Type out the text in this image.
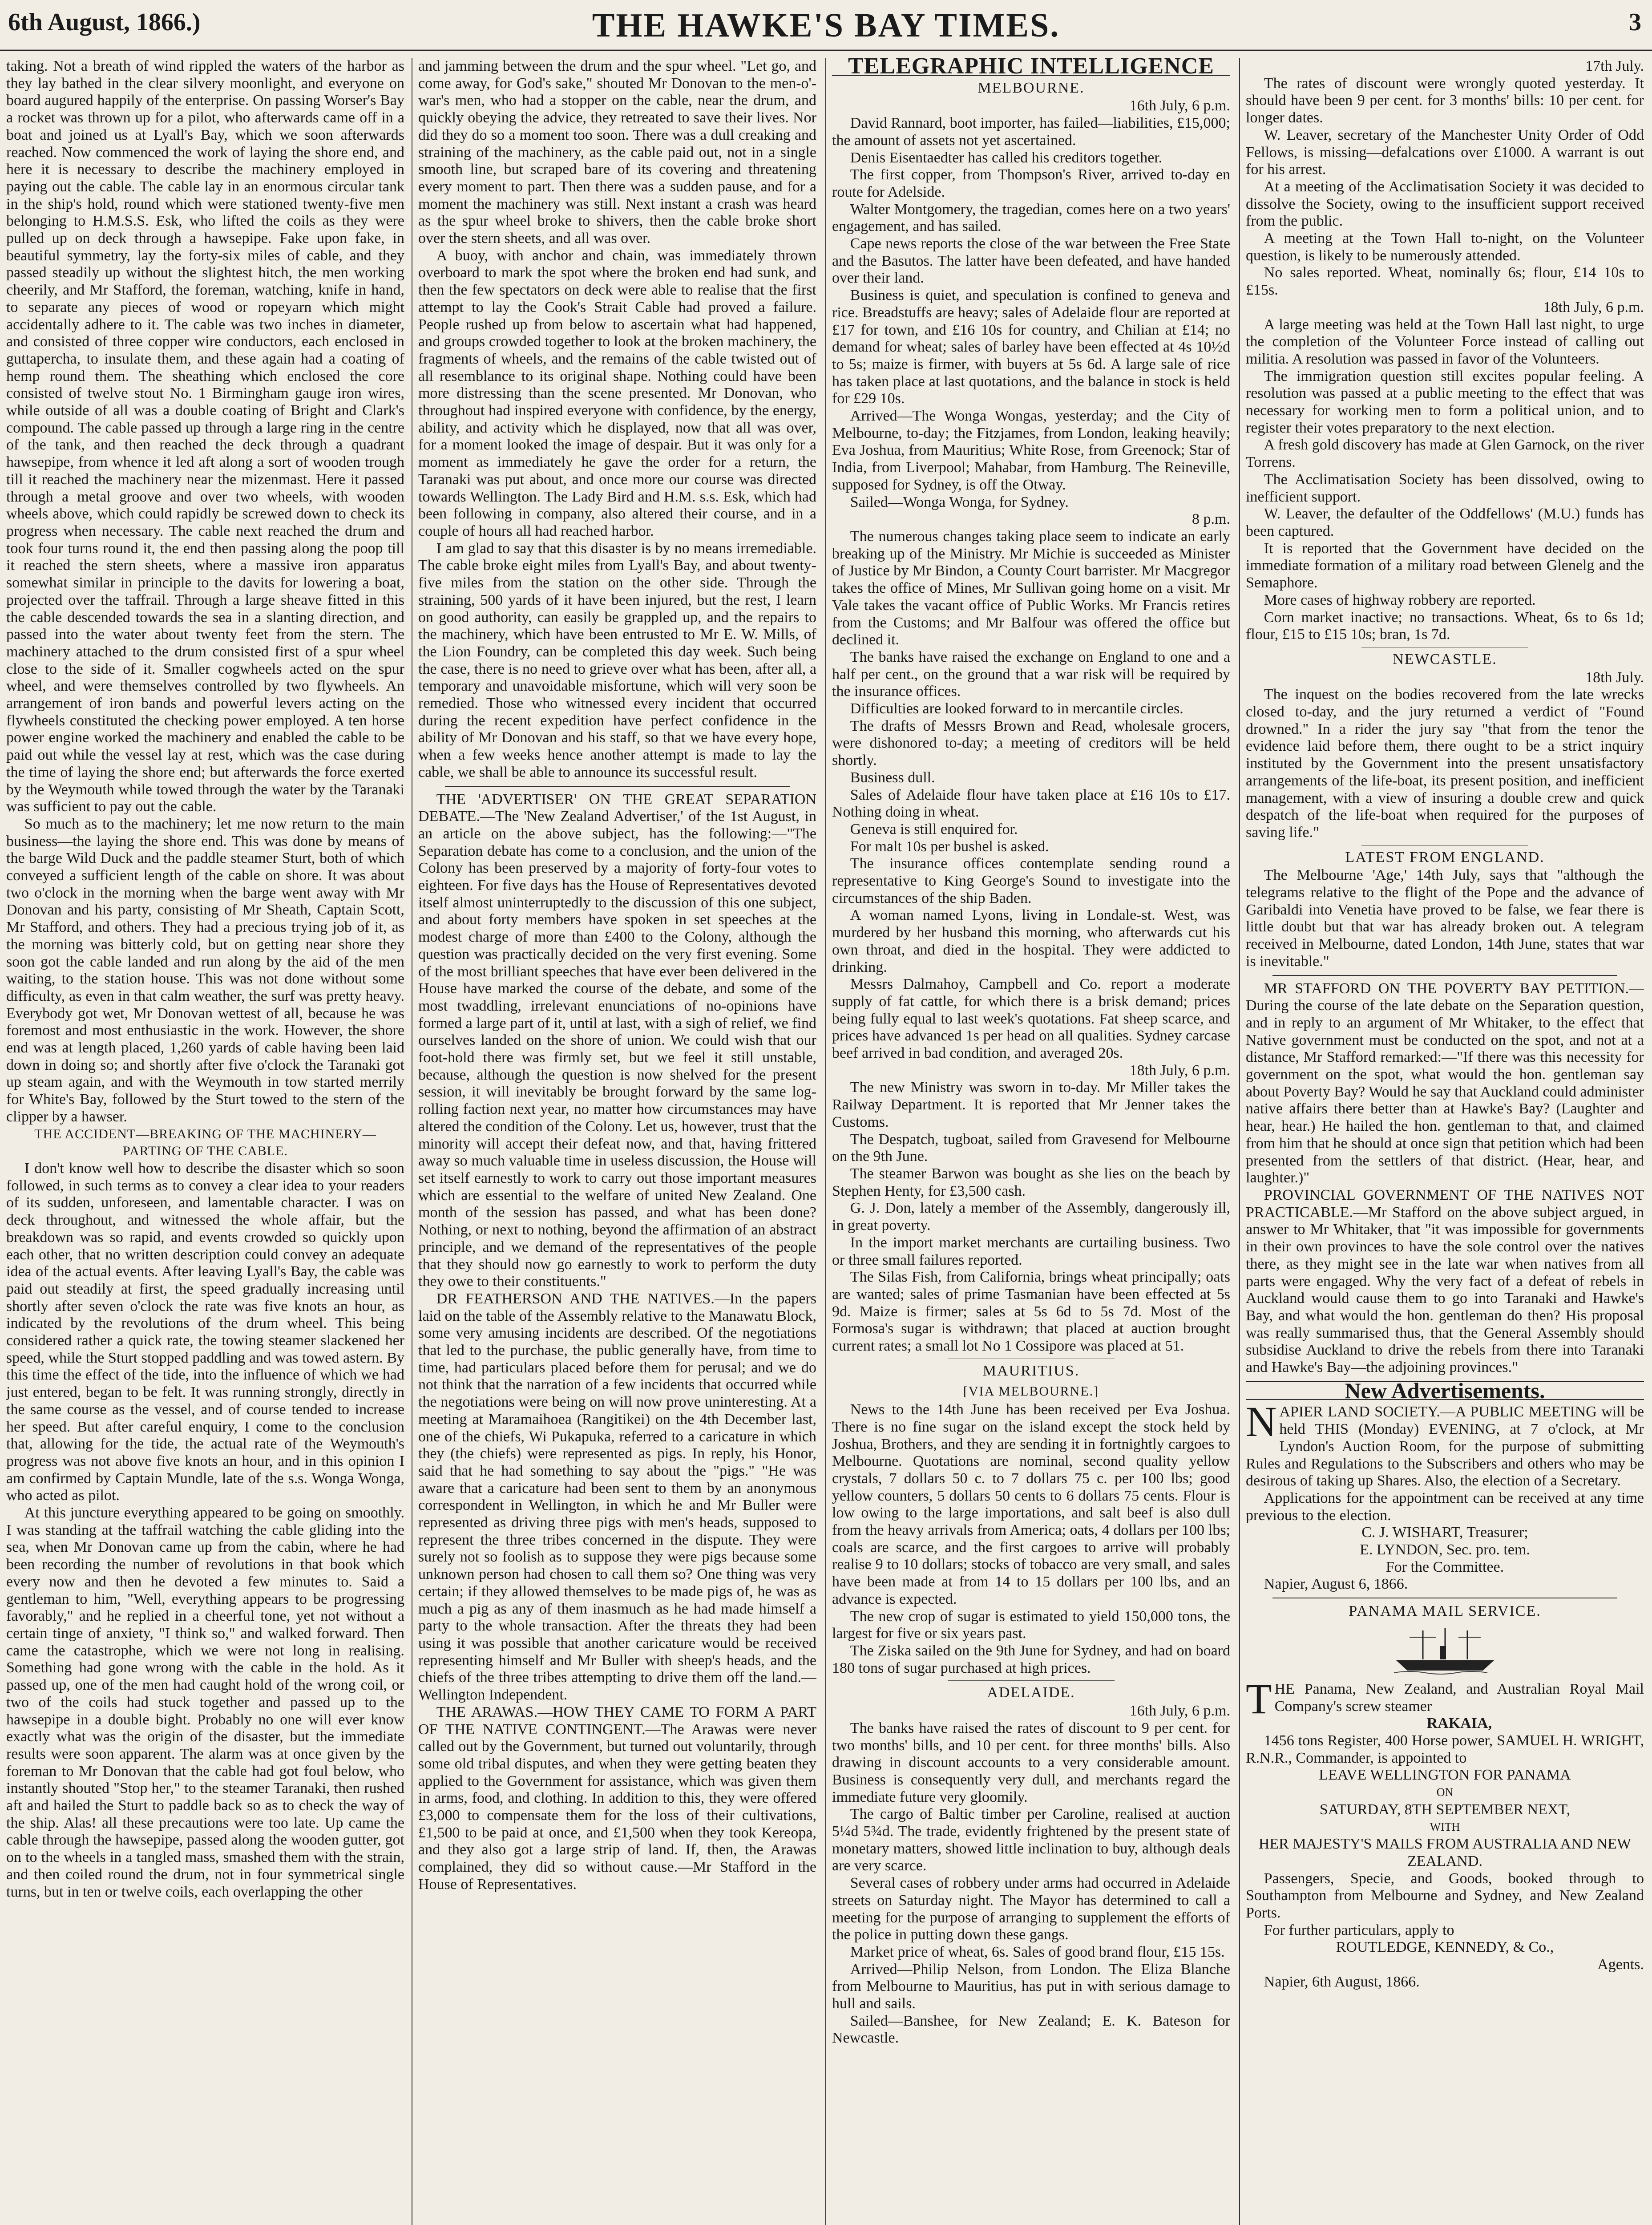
6th August, 1866.)	THE HAWKE'S BAY TIMES.	3

taking. Not a breath of wind rippled the waters of the harbor as they lay bathed in the clear silvery moonlight, and everyone on board augured happily of the enterprise. On passing Worser's Bay a rocket was thrown up for a pilot, who afterwards came off in a boat and joined us at Lyall's Bay, which we soon afterwards reached. Now commenced the work of laying the shore end, and here it is necessary to describe the machinery employed in paying out the cable. The cable lay in an enormous circular tank in the ship's hold, round which were stationed twenty-five men belonging to H.M.S.S. Esk, who lifted the coils as they were pulled up on deck through a hawsepipe. Fake upon fake, in beautiful symmetry, lay the forty-six miles of cable, and they passed steadily up without the slightest hitch, the men working cheerily, and Mr Stafford, the foreman, watching, knife in hand, to separate any pieces of wood or ropeyarn which might accidentally adhere to it. The cable was two inches in diameter, and consisted of three copper wire conductors, each enclosed in guttapercha, to insulate them, and these again had a coating of hemp round them. The sheathing which enclosed the core consisted of twelve stout No. 1 Birmingham gauge iron wires, while outside of all was a double coating of Bright and Clark's compound. The cable passed up through a large ring in the centre of the tank, and then reached the deck through a quadrant hawsepipe, from whence it led aft along a sort of wooden trough till it reached the machinery near the mizenmast. Here it passed through a metal groove and over two wheels, with wooden wheels above, which could rapidly be screwed down to check its progress when necessary. The cable next reached the drum and took four turns round it, the end then passing along the poop till it reached the stern sheets, where a massive iron apparatus somewhat similar in principle to the davits for lowering a boat, projected over the taffrail. Through a large sheave fitted in this the cable descended towards the sea in a slanting direction, and passed into the water about twenty feet from the stern. The machinery attached to the drum consisted first of a spur wheel close to the side of it. Smaller cogwheels acted on the spur wheel, and were themselves controlled by two flywheels. An arrangement of iron bands and powerful levers acting on the flywheels constituted the checking power employed. A ten horse power engine worked the machinery and enabled the cable to be paid out while the vessel lay at rest, which was the case during the time of laying the shore end; but afterwards the force exerted by the Weymouth while towed through the water by the Taranaki was sufficient to pay out the cable.

So much as to the machinery; let me now return to the main business—the laying the shore end. This was done by means of the barge Wild Duck and the paddle steamer Sturt, both of which conveyed a sufficient length of the cable on shore. It was about two o'clock in the morning when the barge went away with Mr Donovan and his party, consisting of Mr Sheath, Captain Scott, Mr Stafford, and others. They had a precious trying job of it, as the morning was bitterly cold, but on getting near shore they soon got the cable landed and run along by the aid of the men waiting, to the station house. This was not done without some difficulty, as even in that calm weather, the surf was pretty heavy. Everybody got wet, Mr Donovan wettest of all, because he was foremost and most enthusiastic in the work. However, the shore end was at length placed, 1,260 yards of cable having been laid down in doing so; and shortly after five o'clock the Taranaki got up steam again, and with the Weymouth in tow started merrily for White's Bay, followed by the Sturt towed to the stern of the clipper by a hawser.

THE ACCIDENT—BREAKING OF THE MACHINERY—PARTING OF THE CABLE.

I don't know well how to describe the disaster which so soon followed, in such terms as to convey a clear idea to your readers of its sudden, unforeseen, and lamentable character. I was on deck throughout, and witnessed the whole affair, but the breakdown was so rapid, and events crowded so quickly upon each other, that no written description could convey an adequate idea of the actual events. After leaving Lyall's Bay, the cable was paid out steadily at first, the speed gradually increasing until shortly after seven o'clock the rate was five knots an hour, as indicated by the revolutions of the drum wheel. This being considered rather a quick rate, the towing steamer slackened her speed, while the Sturt stopped paddling and was towed astern. By this time the effect of the tide, into the influence of which we had just entered, began to be felt. It was running strongly, directly in the same course as the vessel, and of course tended to increase her speed. But after careful enquiry, I come to the conclusion that, allowing for the tide, the actual rate of the Weymouth's progress was not above five knots an hour, and in this opinion I am confirmed by Captain Mundle, late of the s.s. Wonga Wonga, who acted as pilot.

At this juncture everything appeared to be going on smoothly. I was standing at the taffrail watching the cable gliding into the sea, when Mr Donovan came up from the cabin, where he had been recording the number of revolutions in that book which every now and then he devoted a few minutes to. Said a gentleman to him, "Well, everything appears to be progressing favorably," and he replied in a cheerful tone, yet not without a certain tinge of anxiety, "I think so," and walked forward. Then came the catastrophe, which we were not long in realising. Something had gone wrong with the cable in the hold. As it passed up, one of the men had caught hold of the wrong coil, or two of the coils had stuck together and passed up to the hawsepipe in a double bight. Probably no one will ever know exactly what was the origin of the disaster, but the immediate results were soon apparent. The alarm was at once given by the foreman to Mr Donovan that the cable had got foul below, who instantly shouted "Stop her," to the steamer Taranaki, then rushed aft and hailed the Sturt to paddle back so as to check the way of the ship. Alas! all these precautions were too late. Up came the cable through the hawsepipe, passed along the wooden gutter, got on to the wheels in a tangled mass, smashed them with the strain, and then coiled round the drum, not in four symmetrical single turns, but in ten or twelve coils, each overlapping the other

and jamming between the drum and the spur wheel. "Let go, and come away, for God's sake," shouted Mr Donovan to the men-o'-war's men, who had a stopper on the cable, near the drum, and quickly obeying the advice, they retreated to save their lives. Nor did they do so a moment too soon. There was a dull creaking and straining of the machinery, as the cable paid out, not in a single smooth line, but scraped bare of its covering and threatening every moment to part. Then there was a sudden pause, and for a moment the machinery was still. Next instant a crash was heard as the spur wheel broke to shivers, then the cable broke short over the stern sheets, and all was over.

A buoy, with anchor and chain, was immediately thrown overboard to mark the spot where the broken end had sunk, and then the few spectators on deck were able to realise that the first attempt to lay the Cook's Strait Cable had proved a failure. People rushed up from below to ascertain what had happened, and groups crowded together to look at the broken machinery, the fragments of wheels, and the remains of the cable twisted out of all resemblance to its original shape. Nothing could have been more distressing than the scene presented. Mr Donovan, who throughout had inspired everyone with confidence, by the energy, ability, and activity which he displayed, now that all was over, for a moment looked the image of despair. But it was only for a moment as immediately he gave the order for a return, the Taranaki was put about, and once more our course was directed towards Wellington. The Lady Bird and H.M. s.s. Esk, which had been following in company, also altered their course, and in a couple of hours all had reached harbor.

I am glad to say that this disaster is by no means irremediable. The cable broke eight miles from Lyall's Bay, and about twenty-five miles from the station on the other side. Through the straining, 500 yards of it have been injured, but the rest, I learn on good authority, can easily be grappled up, and the repairs to the machinery, which have been entrusted to Mr E. W. Mills, of the Lion Foundry, can be completed this day week. Such being the case, there is no need to grieve over what has been, after all, a temporary and unavoidable misfortune, which will very soon be remedied. Those who witnessed every incident that occurred during the recent expedition have perfect confidence in the ability of Mr Donovan and his staff, so that we have every hope, when a few weeks hence another attempt is made to lay the cable, we shall be able to announce its successful result.

THE 'ADVERTISER' ON THE GREAT SEPARATION DEBATE.—The 'New Zealand Advertiser,' of the 1st August, in an article on the above subject, has the following:—"The Separation debate has come to a conclusion, and the union of the Colony has been preserved by a majority of forty-four votes to eighteen. For five days has the House of Representatives devoted itself almost uninterruptedly to the discussion of this one subject, and about forty members have spoken in set speeches at the modest charge of more than £400 to the Colony, although the question was practically decided on the very first evening. Some of the most brilliant speeches that have ever been delivered in the House have marked the course of the debate, and some of the most twaddling, irrelevant enunciations of no-opinions have formed a large part of it, until at last, with a sigh of relief, we find ourselves landed on the shore of union. We could wish that our foot-hold there was firmly set, but we feel it still unstable, because, although the question is now shelved for the present session, it will inevitably be brought forward by the same log-rolling faction next year, no matter how circumstances may have altered the condition of the Colony. Let us, however, trust that the minority will accept their defeat now, and that, having frittered away so much valuable time in useless discussion, the House will set itself earnestly to work to carry out those important measures which are essential to the welfare of united New Zealand. One month of the session has passed, and what has been done? Nothing, or next to nothing, beyond the affirmation of an abstract principle, and we demand of the representatives of the people that they should now go earnestly to work to perform the duty they owe to their constituents."

DR FEATHERSON AND THE NATIVES.—In the papers laid on the table of the Assembly relative to the Manawatu Block, some very amusing incidents are described. Of the negotiations that led to the purchase, the public generally have, from time to time, had particulars placed before them for perusal; and we do not think that the narration of a few incidents that occurred while the negotiations were being on will now prove uninteresting. At a meeting at Maramaihoea (Rangitikei) on the 4th December last, one of the chiefs, Wi Pukapuka, referred to a caricature in which they (the chiefs) were represented as pigs. In reply, his Honor, said that he had something to say about the "pigs." "He was aware that a caricature had been sent to them by an anonymous correspondent in Wellington, in which he and Mr Buller were represented as driving three pigs with men's heads, supposed to represent the three tribes concerned in the dispute. They were surely not so foolish as to suppose they were pigs because some unknown person had chosen to call them so? One thing was very certain; if they allowed themselves to be made pigs of, he was as much a pig as any of them inasmuch as he had made himself a party to the whole transaction. After the threats they had been using it was possible that another caricature would be received representing himself and Mr Buller with sheep's heads, and the chiefs of the three tribes attempting to drive them off the land.—Wellington Independent.

THE ARAWAS.—HOW THEY CAME TO FORM A PART OF THE NATIVE CONTINGENT.—The Arawas were never called out by the Government, but turned out voluntarily, through some old tribal disputes, and when they were getting beaten they applied to the Government for assistance, which was given them in arms, food, and clothing. In addition to this, they were offered £3,000 to compensate them for the loss of their cultivations, £1,500 to be paid at once, and £1,500 when they took Kereopa, and they also got a large strip of land. If, then, the Arawas complained, they did so without cause.—Mr Stafford in the House of Representatives.

TELEGRAPHIC INTELLIGENCE
MELBOURNE.

16th July, 6 p.m.

David Rannard, boot importer, has failed—liabilities, £15,000; the amount of assets not yet ascertained.

Denis Eisentaedter has called his creditors together.

The first copper, from Thompson's River, arrived to-day en route for Adelside.

Walter Montgomery, the tragedian, comes here on a two years' engagement, and has sailed.

Cape news reports the close of the war between the Free State and the Basutos. The latter have been defeated, and have handed over their land.

Business is quiet, and speculation is confined to geneva and rice. Breadstuffs are heavy; sales of Adelaide flour are reported at £17 for town, and £16 10s for country, and Chilian at £14; no demand for wheat; sales of barley have been effected at 4s 10½d to 5s; maize is firmer, with buyers at 5s 6d. A large sale of rice has taken place at last quotations, and the balance in stock is held for £29 10s.

Arrived—The Wonga Wongas, yesterday; and the City of Melbourne, to-day; the Fitzjames, from London, leaking heavily; Eva Joshua, from Mauritius; White Rose, from Greenock; Star of India, from Liverpool; Mahabar, from Hamburg. The Reineville, supposed for Sydney, is off the Otway.

Sailed—Wonga Wonga, for Sydney.

8 p.m.

The numerous changes taking place seem to indicate an early breaking up of the Ministry. Mr Michie is succeeded as Minister of Justice by Mr Bindon, a County Court barrister. Mr Macgregor takes the office of Mines, Mr Sullivan going home on a visit. Mr Vale takes the vacant office of Public Works. Mr Francis retires from the Customs; and Mr Balfour was offered the office but declined it.

The banks have raised the exchange on England to one and a half per cent., on the ground that a war risk will be required by the insurance offices.

Difficulties are looked forward to in mercantile circles.

The drafts of Messrs Brown and Read, wholesale grocers, were dishonored to-day; a meeting of creditors will be held shortly.

Business dull.

Sales of Adelaide flour have taken place at £16 10s to £17. Nothing doing in wheat.

Geneva is still enquired for.

For malt 10s per bushel is asked.

The insurance offices contemplate sending round a representative to King George's Sound to investigate into the circumstances of the ship Baden.

A woman named Lyons, living in Londale-st. West, was murdered by her husband this morning, who afterwards cut his own throat, and died in the hospital. They were addicted to drinking.

Messrs Dalmahoy, Campbell and Co. report a moderate supply of fat cattle, for which there is a brisk demand; prices being fully equal to last week's quotations. Fat sheep scarce, and prices have advanced 1s per head on all qualities. Sydney carcase beef arrived in bad condition, and averaged 20s.

18th July, 6 p.m.

The new Ministry was sworn in to-day. Mr Miller takes the Railway Department. It is reported that Mr Jenner takes the Customs.

The Despatch, tugboat, sailed from Gravesend for Melbourne on the 9th June.

The steamer Barwon was bought as she lies on the beach by Stephen Henty, for £3,500 cash.

G. J. Don, lately a member of the Assembly, dangerously ill, in great poverty.

In the import market merchants are curtailing business. Two or three small failures reported.

The Silas Fish, from California, brings wheat principally; oats are wanted; sales of prime Tasmanian have been effected at 5s 9d. Maize is firmer; sales at 5s 6d to 5s 7d. Most of the Formosa's sugar is withdrawn; that placed at auction brought current rates; a small lot No 1 Cossipore was placed at 51.

MAURITIUS.
[VIA MELBOURNE.]

News to the 14th June has been received per Eva Joshua. There is no fine sugar on the island except the stock held by Joshua, Brothers, and they are sending it in fortnightly cargoes to Melbourne. Quotations are nominal, second quality yellow crystals, 7 dollars 50 c. to 7 dollars 75 c. per 100 lbs; good yellow counters, 5 dollars 50 cents to 6 dollars 75 cents. Flour is low owing to the large importations, and salt beef is also dull from the heavy arrivals from America; oats, 4 dollars per 100 lbs; coals are scarce, and the first cargoes to arrive will probably realise 9 to 10 dollars; stocks of tobacco are very small, and sales have been made at from 14 to 15 dollars per 100 lbs, and an advance is expected.

The new crop of sugar is estimated to yield 150,000 tons, the largest for five or six years past.

The Ziska sailed on the 9th June for Sydney, and had on board 180 tons of sugar purchased at high prices.

ADELAIDE.

16th July, 6 p.m.

The banks have raised the rates of discount to 9 per cent. for two months' bills, and 10 per cent. for three months' bills. Also drawing in discount accounts to a very considerable amount. Business is consequently very dull, and merchants regard the immediate future very gloomily.

The cargo of Baltic timber per Caroline, realised at auction 5¼d 5¾d. The trade, evidently frightened by the present state of monetary matters, showed little inclination to buy, although deals are very scarce.

Several cases of robbery under arms had occurred in Adelaide streets on Saturday night. The Mayor has determined to call a meeting for the purpose of arranging to supplement the efforts of the police in putting down these gangs.

Market price of wheat, 6s. Sales of good brand flour, £15 15s.

Arrived—Philip Nelson, from London. The Eliza Blanche from Melbourne to Mauritius, has put in with serious damage to hull and sails.

Sailed—Banshee, for New Zealand; E. K. Bateson for Newcastle.

17th July.

The rates of discount were wrongly quoted yesterday. It should have been 9 per cent. for 3 months' bills: 10 per cent. for longer dates.

W. Leaver, secretary of the Manchester Unity Order of Odd Fellows, is missing—defalcations over £1000. A warrant is out for his arrest.

At a meeting of the Acclimatisation Society it was decided to dissolve the Society, owing to the insufficient support received from the public.

A meeting at the Town Hall to-night, on the Volunteer question, is likely to be numerously attended.

No sales reported. Wheat, nominally 6s; flour, £14 10s to £15s.

18th July, 6 p.m.

A large meeting was held at the Town Hall last night, to urge the completion of the Volunteer Force instead of calling out militia. A resolution was passed in favor of the Volunteers.

The immigration question still excites popular feeling. A resolution was passed at a public meeting to the effect that was necessary for working men to form a political union, and to register their votes preparatory to the next election.

A fresh gold discovery has made at Glen Garnock, on the river Torrens.

The Acclimatisation Society has been dissolved, owing to inefficient support.

W. Leaver, the defaulter of the Oddfellows' (M.U.) funds has been captured.

It is reported that the Government have decided on the immediate formation of a military road between Glenelg and the Semaphore.

More cases of highway robbery are reported.

Corn market inactive; no transactions. Wheat, 6s to 6s 1d; flour, £15 to £15 10s; bran, 1s 7d.

NEWCASTLE.

18th July.

The inquest on the bodies recovered from the late wrecks closed to-day, and the jury returned a verdict of "Found drowned." In a rider the jury say "that from the tenor the evidence laid before them, there ought to be a strict inquiry instituted by the Government into the present unsatisfactory arrangements of the life-boat, its present position, and inefficient management, with a view of insuring a double crew and quick despatch of the life-boat when required for the purposes of saving life."

LATEST FROM ENGLAND.

The Melbourne 'Age,' 14th July, says that "although the telegrams relative to the flight of the Pope and the advance of Garibaldi into Venetia have proved to be false, we fear there is little doubt but that war has already broken out. A telegram received in Melbourne, dated London, 14th June, states that war is inevitable."

MR STAFFORD ON THE POVERTY BAY PETITION.—During the course of the late debate on the Separation question, and in reply to an argument of Mr Whitaker, to the effect that Native government must be conducted on the spot, and not at a distance, Mr Stafford remarked:—"If there was this necessity for government on the spot, what would the hon. gentleman say about Poverty Bay? Would he say that Auckland could administer native affairs there better than at Hawke's Bay? (Laughter and hear, hear.) He hailed the hon. gentleman to that, and claimed from him that he should at once sign that petition which had been presented from the settlers of that district. (Hear, hear, and laughter.)"

PROVINCIAL GOVERNMENT OF THE NATIVES NOT PRACTICABLE.—Mr Stafford on the above subject argued, in answer to Mr Whitaker, that "it was impossible for governments in their own provinces to have the sole control over the natives there, as they might see in the late war when natives from all parts were engaged. Why the very fact of a defeat of rebels in Auckland would cause them to go into Taranaki and Hawke's Bay, and what would the hon. gentleman do then? His proposal was really summarised thus, that the General Assembly should subsidise Auckland to drive the rebels from there into Taranaki and Hawke's Bay—the adjoining provinces."

New Advertisements.

NAPIER LAND SOCIETY.—A PUBLIC MEETING will be held THIS (Monday) EVENING, at 7 o'clock, at Mr Lyndon's Auction Room, for the purpose of submitting Rules and Regulations to the Subscribers and others who may be desirous of taking up Shares. Also, the election of a Secretary.

Applications for the appointment can be received at any time previous to the election.

C. J. WISHART, Treasurer;

E. LYNDON, Sec. pro. tem.

For the Committee.

Napier, August 6, 1866.

PANAMA MAIL SERVICE.

THE Panama, New Zealand, and Australian Royal Mail Company's screw steamer

RAKAIA,

1456 tons Register, 400 Horse power, SAMUEL H. WRIGHT, R.N.R., Commander, is appointed to

LEAVE WELLINGTON FOR PANAMA

ON

SATURDAY, 8TH SEPTEMBER NEXT,

WITH

HER MAJESTY'S MAILS FROM AUSTRALIA AND NEW ZEALAND.

Passengers, Specie, and Goods, booked through to Southampton from Melbourne and Sydney, and New Zealand Ports.

For further particulars, apply to

ROUTLEDGE, KENNEDY, & Co.,

Agents.

Napier, 6th August, 1866.
